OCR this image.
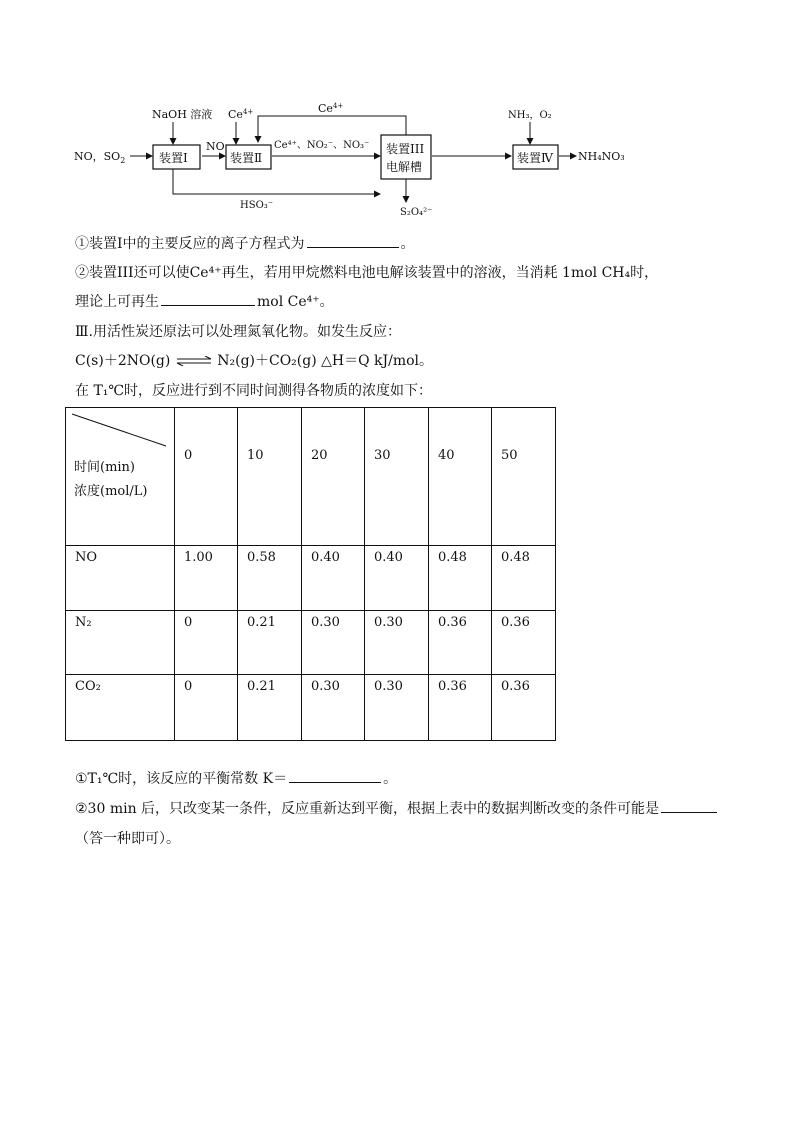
NO，$SO_2$
NaOH 溶液
装置Ⅰ
NO
$Ce^{4+}$
装置Ⅱ
$Ce^{4+}$
Ce⁴⁺、NO₂⁻、NO₃⁻ 装置III
电解槽
HSO₃⁻
S₂O₄²⁻
NH₃，O₂
装置Ⅳ NH₄NO₃
①装置Ⅰ中的主要反应的离子方程式为	。
②装置III还可以使Ce⁴⁺再生，若用甲烷燃料电池电解该装置中的溶液，当消耗 1mol CH₄时，
理论上可再生	mol Ce⁴⁺。
Ⅲ.用活性炭还原法可以处理氮氧化物。如发生反应：
C(s)＋2NO(g) ⇌ N₂(g)＋CO₂(g) △H＝Q kJ/mol。
在 T₁℃时，反应进行到不同时间测得各物质的浓度如下：
时间(min)
浓度(mol/L)	0	10	20	30	40	50

NO	1.00	0.58	0.40	0.40	0.48	0.48

N₂	0	0.21	0.30	0.30	0.36	0.36

CO₂	0	0.21	0.30	0.30	0.36	0.36
①T₁℃时，该反应的平衡常数 K＝	。
②30 min 后，只改变某一条件，反应重新达到平衡，根据上表中的数据判断改变的条件可能是
（答一种即可）。
